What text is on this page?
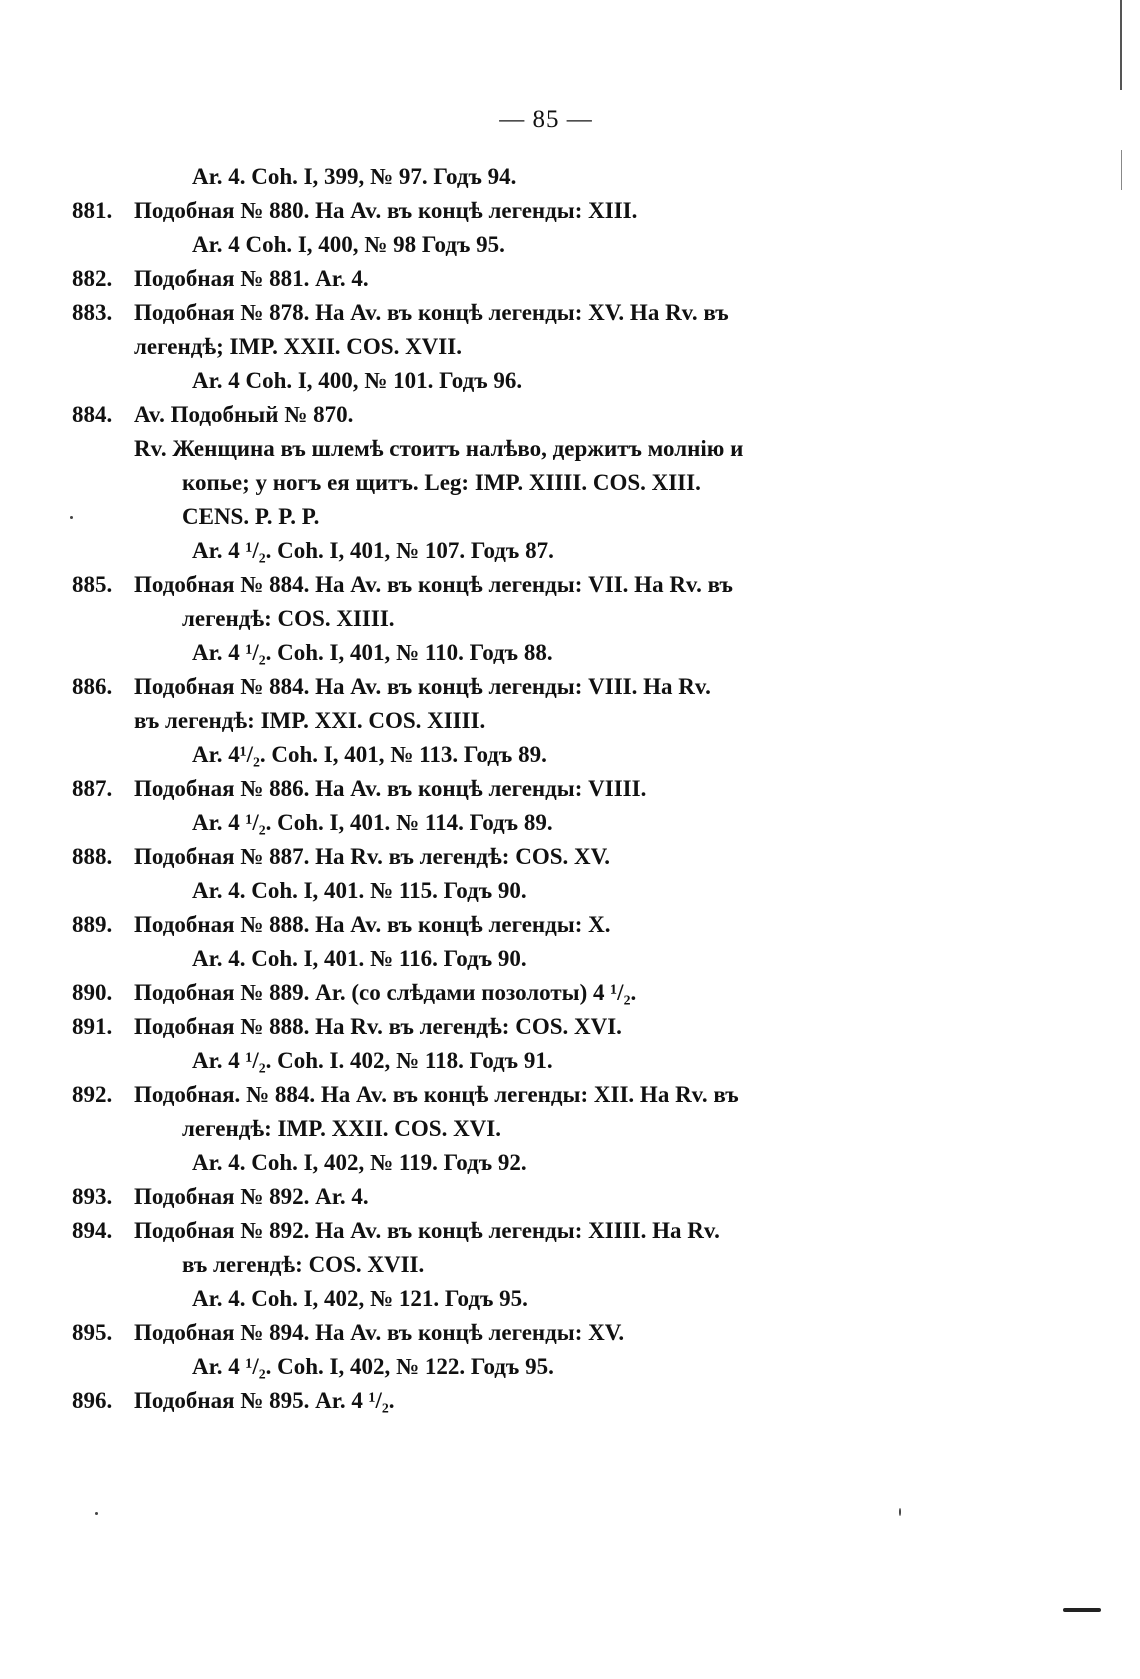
— 85 —
Ar. 4. Coh. I, 399, № 97. Годъ 94.
881. Подобная № 880. На Av. въ концѣ легенды: XIII.
Ar. 4 Coh. I, 400, № 98 Годъ 95.
882. Подобная № 881. Ar. 4.
883. Подобная № 878. На Av. въ концѣ легенды: XV. На Rv. въ
легендѣ; IMP. XXII. COS. XVII.
Ar. 4 Coh. I, 400, № 101. Годъ 96.
884. Av. Подобный № 870.
Rv. Женщина въ шлемѣ стоитъ налѣво, держитъ молнію и
копье; у ногъ ея щитъ. Leg: IMP. XIIII. COS. XIII.
CENS. P. P. P.
Ar. 4 ¹/₂. Coh. I, 401, № 107. Годъ 87.
885. Подобная № 884. На Av. въ концѣ легенды: VII. На Rv. въ
легендѣ: COS. XIIII.
Ar. 4 ¹/₂. Coh. I, 401, № 110. Годъ 88.
886. Подобная № 884. На Av. въ концѣ легенды: VIII. На Rv.
въ легендѣ: IMP. XXI. COS. XIIII.
Ar. 4¹/₂. Coh. I, 401, № 113. Годъ 89.
887. Подобная № 886. На Av. въ концѣ легенды: VIIII.
Ar. 4 ¹/₂. Coh. I, 401. № 114. Годъ 89.
888. Подобная № 887. На Rv. въ легендѣ: COS. XV.
Ar. 4. Coh. I, 401. № 115. Годъ 90.
889. Подобная № 888. На Av. въ концѣ легенды: X.
Ar. 4. Coh. I, 401. № 116. Годъ 90.
890. Подобная № 889. Ar. (со слѣдами позолоты) 4 ¹/₂.
891. Подобная № 888. На Rv. въ легендѣ: COS. XVI.
Ar. 4 ¹/₂. Coh. I. 402, № 118. Годъ 91.
892. Подобная. № 884. На Av. въ концѣ легенды: XII. На Rv. въ
легендѣ: IMP. XXII. COS. XVI.
Ar. 4. Coh. I, 402, № 119. Годъ 92.
893. Подобная № 892. Ar. 4.
894. Подобная № 892. На Av. въ концѣ легенды: XIIII. На Rv.
въ легендѣ: COS. XVII.
Ar. 4. Coh. I, 402, № 121. Годъ 95.
895. Подобная № 894. На Av. въ концѣ легенды: XV.
Ar. 4 ¹/₂. Coh. I, 402, № 122. Годъ 95.
896. Подобная № 895. Ar. 4 ¹/₂.
